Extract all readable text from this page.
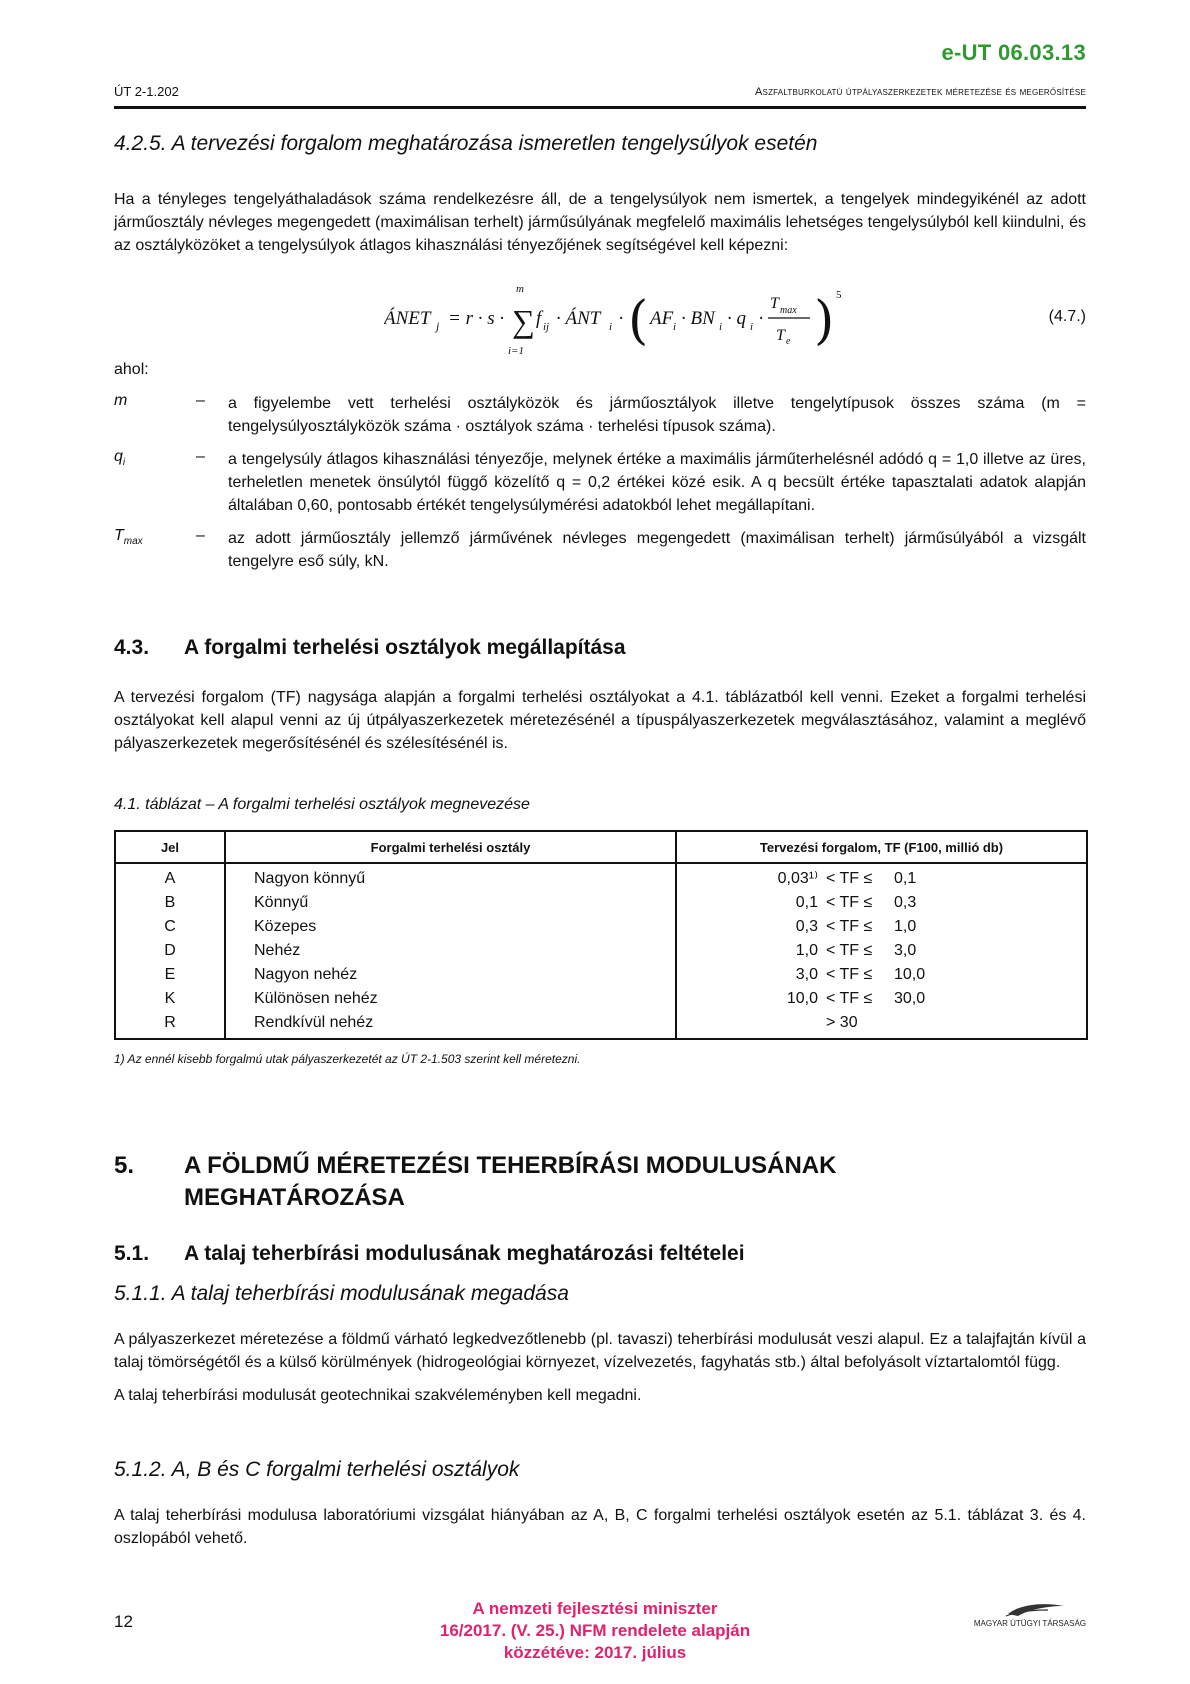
e-UT 06.03.13
ÚT 2-1.202	Aszfaltburkolatú útpályaszerkezetek méretezése és megerősítése
4.2.5. A tervezési forgalom meghatározása ismeretlen tengelysúlyok esetén

Ha a tényleges tengelyáthaladások száma rendelkezésre áll, de a tengelysúlyok nem ismertek, a tengelyek mindegyikénél az adott járműosztály névleges megengedett (maximálisan terhelt) járműsúlyának megfelelő maximális lehetséges tengelysúlyból kell kiindulni, és az osztályközöket a tengelysúlyok átlagos kihasználási tényezőjének segítségével kell képezni:

ÁNET j = r · s ·
m
∑
i=1
f ij · ÁNT i · ( AF i · BN i · q i ·
T max
T e ) 5
(4.7.)

ahol:

m	– a figyelembe vett terhelési osztályközök és járműosztályok illetve tengelytípusok összes száma (m = tengelysúlyosztályközök száma · osztályok száma · terhelési típusok száma).
$q_i$	– a tengelysúly átlagos kihasználási tényezője, melynek értéke a maximális járműterhelésnél adódó q = 1,0 illetve az üres, terheletlen menetek önsúlytól függő közelítő q = 0,2 értékei közé esik. A q becsült értéke tapasztalati adatok alapján általában 0,60, pontosabb értékét tengelysúlymérési adatokból lehet megállapítani.
$T_{max}$	– az adott járműosztály jellemző járművének névleges megengedett (maximálisan terhelt) járműsúlyából a vizsgált tengelyre eső súly, kN.
4.3. A forgalmi terhelési osztályok megállapítása

A tervezési forgalom (TF) nagysága alapján a forgalmi terhelési osztályokat a 4.1. táblázatból kell venni. Ezeket a forgalmi terhelési osztályokat kell alapul venni az új útpályaszerkezetek méretezésénél a típuspályaszerkezetek megválasztásához, valamint a meglévő pályaszerkezetek megerősítésénél és szélesítésénél is.

4.1. táblázat – A forgalmi terhelési osztályok megnevezése

Jel	Forgalmi terhelési osztály	Tervezési forgalom, TF (F100, millió db)
A	Nagyon könnyű	0,03¹⁾ < TF ≤ 0,1
B	Könnyű	0,1 < TF ≤ 0,3
C	Közepes	0,3 < TF ≤ 1,0
D	Nehéz	1,0 < TF ≤ 3,0
E	Nagyon nehéz	3,0 < TF ≤ 10,0
K	Különösen nehéz	10,0 < TF ≤ 30,0
R	Rendkívül nehéz	> 30
1) Az ennél kisebb forgalmú utak pályaszerkezetét az ÚT 2-1.503 szerint kell méretezni.
5. A FÖLDMŰ MÉRETEZÉSI TEHERBÍRÁSI MODULUSÁNAK
MEGHATÁROZÁSA
5.1. A talaj teherbírási modulusának meghatározási feltételei
5.1.1. A talaj teherbírási modulusának megadása

A pályaszerkezet méretezése a földmű várható legkedvezőtlenebb (pl. tavaszi) teherbírási modulusát veszi alapul. Ez a talajfajtán kívül a talaj tömörségétől és a külső körülmények (hidrogeológiai környezet, vízelvezetés, fagyhatás stb.) által befolyásolt víztartalomtól függ.

A talaj teherbírási modulusát geotechnikai szakvéleményben kell megadni.

5.1.2. A, B és C forgalmi terhelési osztályok

A talaj teherbírási modulusa laboratóriumi vizsgálat hiányában az A, B, C forgalmi terhelési osztályok esetén az 5.1. táblázat 3. és 4. oszlopából vehető.

12
A nemzeti fejlesztési miniszter
16/2017. (V. 25.) NFM rendelete alapján
közzétéve: 2017. július
MAGYAR ÚTÜGYI TÁRSASÁG
